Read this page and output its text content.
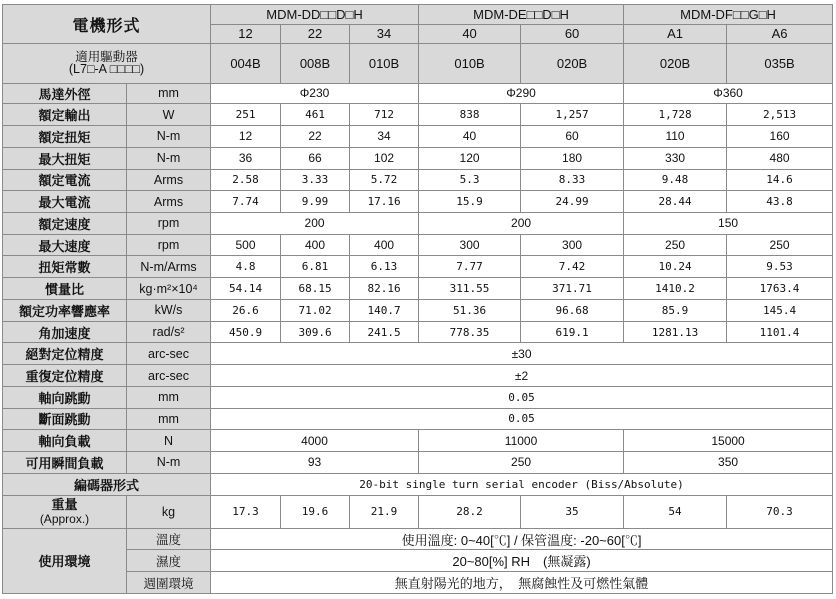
電機形式		MDM-DD□□D□H			MDM-DE□□D□H		MDM-DF□□G□H	
		12	22	34	40	60	A1	A6

適用驅動器
(L7□-A □□□□)		004B	008B	010B	010B	020B	020B	035B
馬達外徑	mm	Φ230			Φ290		Φ360	
額定輸出	W	251	461	712	838	1,257	1,728	2,513
額定扭矩	N-m	12	22	34	40	60	110	160
最大扭矩	N-m	36	66	102	120	180	330	480
額定電流	Arms	2.58	3.33	5.72	5.3	8.33	9.48	14.6
最大電流	Arms	7.74	9.99	17.16	15.9	24.99	28.44	43.8
額定速度	rpm	200			200		150	
最大速度	rpm	500	400	400	300	300	250	250
扭矩常數	N-m/Arms	4.8	6.81	6.13	7.77	7.42	10.24	9.53
慣量比	kg·m²×10⁴	54.14	68.15	82.16	311.55	371.71	1410.2	1763.4
額定功率響應率	kW/s	26.6	71.02	140.7	51.36	96.68	85.9	145.4
角加速度	rad/s²	450.9	309.6	241.5	778.35	619.1	1281.13	1101.4
絕對定位精度	arc-sec	±30						
重復定位精度	arc-sec	±2						
軸向跳動	mm	0.05						
斷面跳動	mm	0.05						
軸向負載	N	4000			11000		15000	
可用瞬間負載	N-m	93			250		350	
編碼器形式		20-bit single turn serial encoder (Biss/Absolute)						

重量
(Approx.)	kg	17.3	19.6	21.9	28.2	35	54	70.3
使用環境	溫度	使用溫度: 0~40[℃] / 保管溫度: -20~60[℃]						
	濕度	20~80[%] RH　(無凝露)						
	週圍環境	無直射陽光的地方，　無腐蝕性及可燃性氣體						
